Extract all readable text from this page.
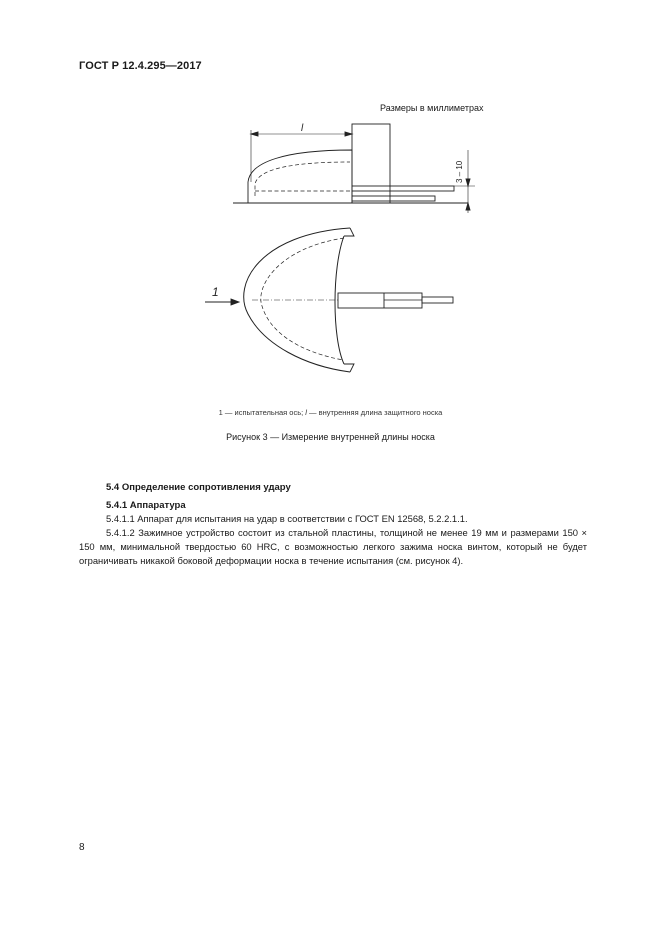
ГОСТ Р 12.4.295—2017
Размеры в миллиметрах
l
3 – 10
1
1 — испытательная ось; l — внутренняя длина защитного носка
Рисунок 3 — Измерение внутренней длины носка
5.4 Определение сопротивления удару
5.4.1 Аппаратура
5.4.1.1 Аппарат для испытания на удар в соответствии с ГОСТ EN 12568, 5.2.2.1.1.
5.4.1.2 Зажимное устройство состоит из стальной пластины, толщиной не менее 19 мм и размерами 150 × 150 мм, минимальной твердостью 60 HRC, с возможностью легкого зажима носка винтом, который не будет ограничивать никакой боковой деформации носка в течение испытания (см. рисунок 4).
8
